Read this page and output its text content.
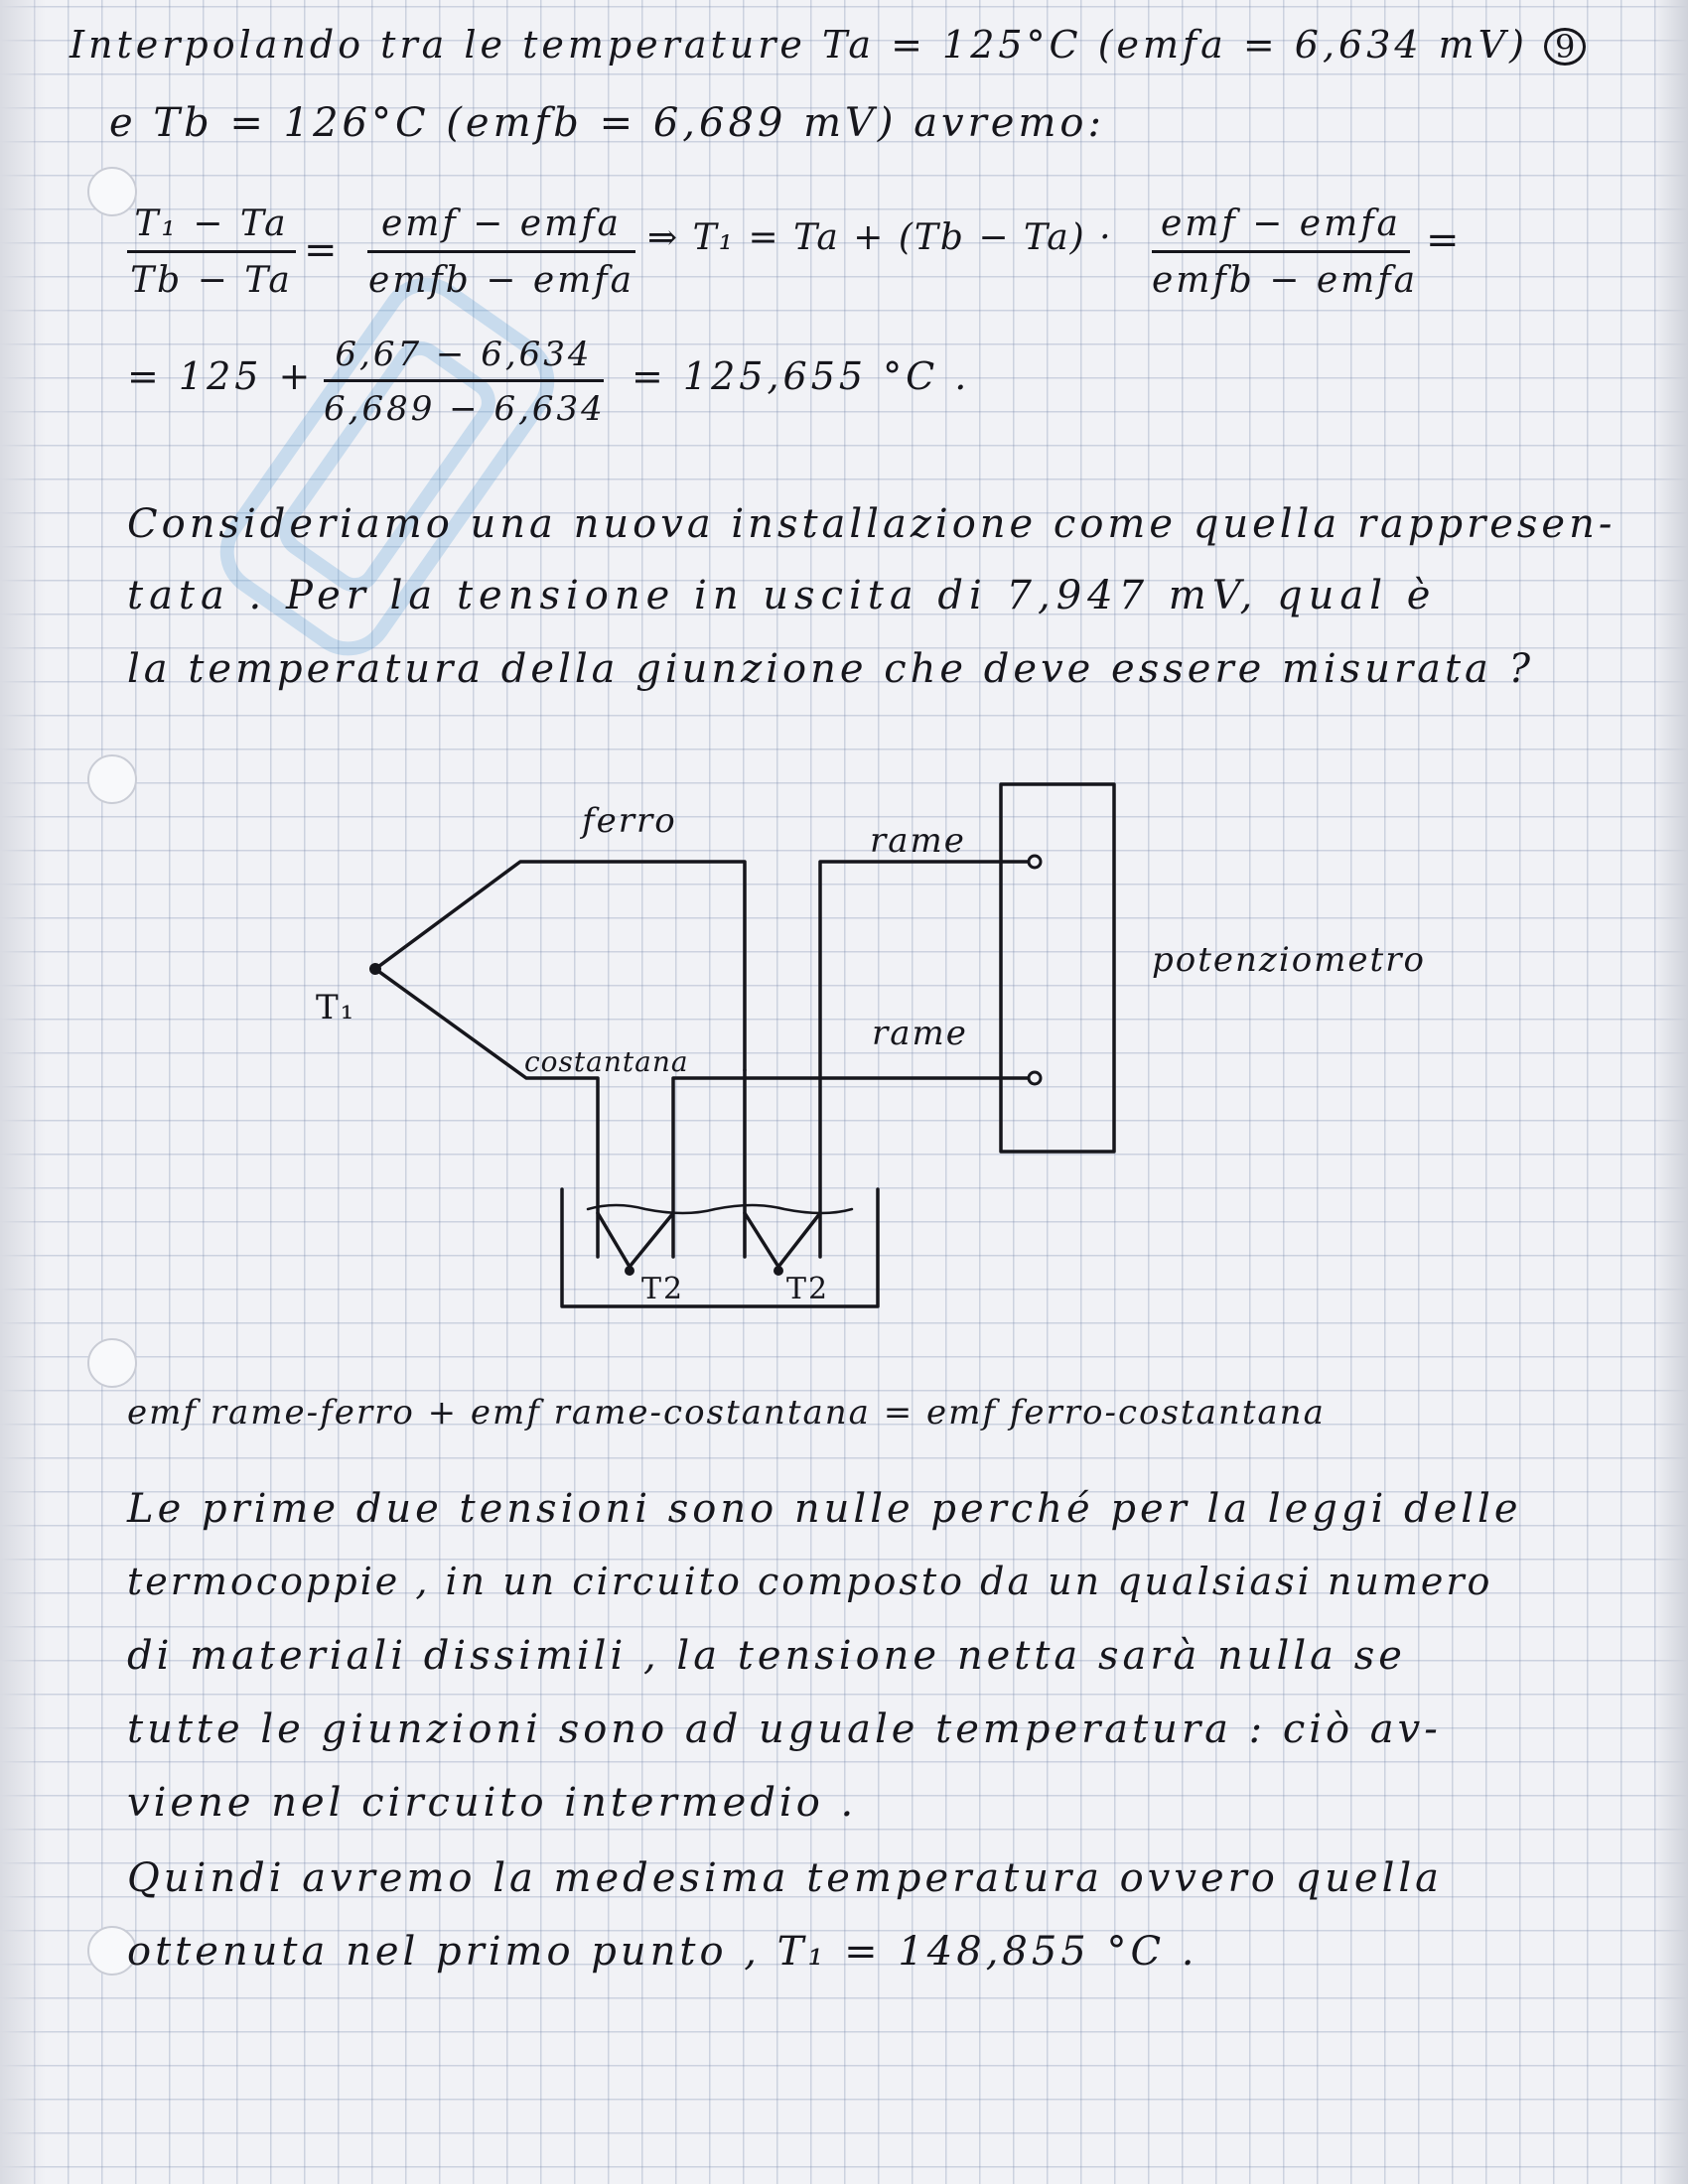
Interpolando tra le temperature Ta = 125°C (emfa = 6,634 mV) 9
e Tb = 126°C (emfb = 6,689 mV) avremo:
$\frac{\text{T₁ − Ta}}{Tb - Ta}$ =
emf − emfa
emfb − emfa
⇒ T₁ = Ta + (Tb − Ta) · emf − emfa
emfb − emfa
=
= $125 + \frac{6,67 - 6,634}{6,689 - 6,634} = 125,655$ °C .
Consideriamo una nuova installazione come quella rappresen-
tata . Per la tensione in uscita di 7,947 mV, qual è
la temperatura della giunzione che deve essere misurata ?
ferro	rame
rame
costantana
potenziometro
T₁
T2	T2
emf rame-ferro + emf rame-costantana = emf ferro-costantana
Le prime due tensioni sono nulle perché per la leggi delle
termocoppie , in un circuito composto da un qualsiasi numero
di materiali dissimili , la tensione netta sarà nulla se
tutte le giunzioni sono ad uguale temperatura : ciò av-
viene nel circuito intermedio .
Quindi avremo la medesima temperatura ovvero quella
ottenuta nel primo punto , T₁ = 148,855 °C .
